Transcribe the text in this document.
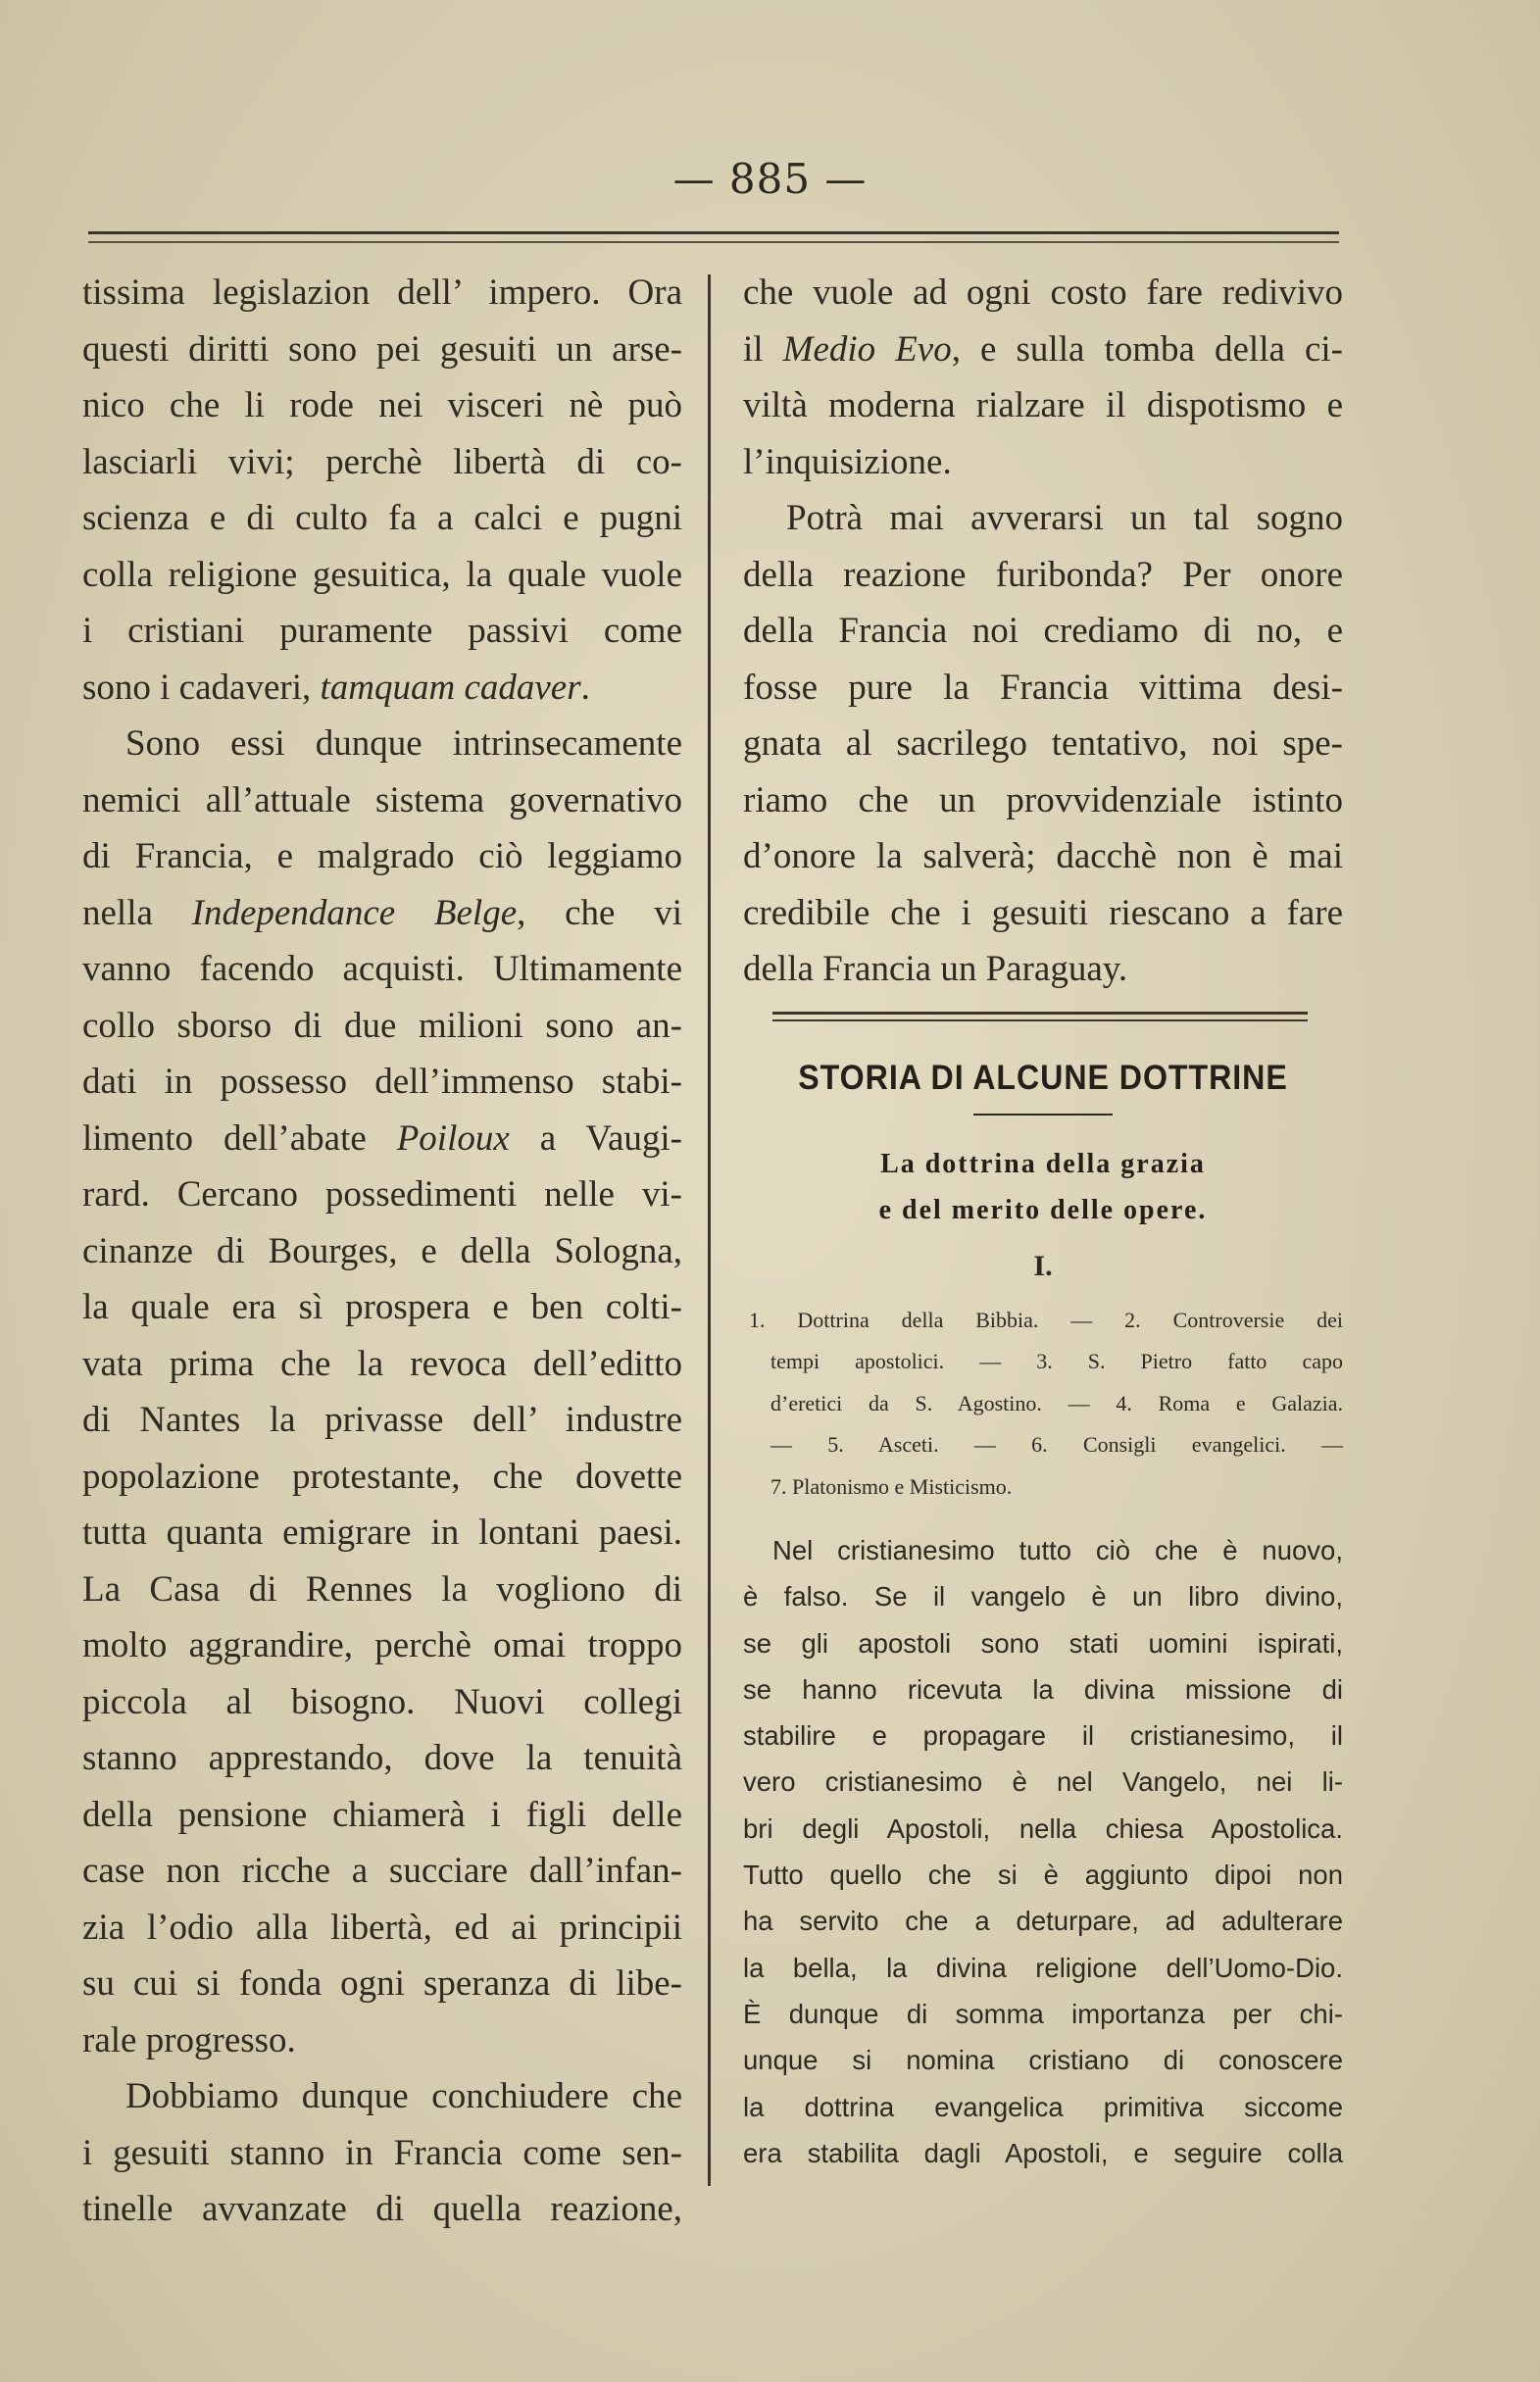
— 885 —
tissima legislazion dell’ impero. Ora
questi diritti sono pei gesuiti un arse-
nico che li rode nei visceri nè può
lasciarli vivi; perchè libertà di co-
scienza e di culto fa a calci e pugni
colla religione gesuitica, la quale vuole
i cristiani puramente passivi come
sono i cadaveri, tamquam cadaver.
Sono essi dunque intrinsecamente
nemici all’attuale sistema governativo
di Francia, e malgrado ciò leggiamo
nella Independance Belge, che vi
vanno facendo acquisti. Ultimamente
collo sborso di due milioni sono an-
dati in possesso dell’immenso stabi-
limento dell’abate Poiloux a Vaugi-
rard. Cercano possedimenti nelle vi-
cinanze di Bourges, e della Sologna,
la quale era sì prospera e ben colti-
vata prima che la revoca dell’editto
di Nantes la privasse dell’ industre
popolazione protestante, che dovette
tutta quanta emigrare in lontani paesi.
La Casa di Rennes la vogliono di
molto aggrandire, perchè omai troppo
piccola al bisogno. Nuovi collegi
stanno apprestando, dove la tenuità
della pensione chiamerà i figli delle
case non ricche a succiare dall’infan-
zia l’odio alla libertà, ed ai principii
su cui si fonda ogni speranza di libe-
rale progresso.
Dobbiamo dunque conchiudere che
i gesuiti stanno in Francia come sen-
tinelle avvanzate di quella reazione,
che vuole ad ogni costo fare redivivo
il Medio Evo, e sulla tomba della ci-
viltà moderna rialzare il dispotismo e
l’inquisizione.
Potrà mai avverarsi un tal sogno
della reazione furibonda? Per onore
della Francia noi crediamo di no, e
fosse pure la Francia vittima desi-
gnata al sacrilego tentativo, noi spe-
riamo che un provvidenziale istinto
d’onore la salverà; dacchè non è mai
credibile che i gesuiti riescano a fare
della Francia un Paraguay.
STORIA DI ALCUNE DOTTRINE
La dottrina della grazia
e del merito delle opere.
I.
1. Dottrina della Bibbia. — 2. Controversie dei
tempi apostolici. — 3. S. Pietro fatto capo
d’eretici da S. Agostino. — 4. Roma e Galazia.
— 5. Asceti. — 6. Consigli evangelici. —
7. Platonismo e Misticismo.
Nel cristianesimo tutto ciò che è nuovo,
è falso. Se il vangelo è un libro divino,
se gli apostoli sono stati uomini ispirati,
se hanno ricevuta la divina missione di
stabilire e propagare il cristianesimo, il
vero cristianesimo è nel Vangelo, nei li-
bri degli Apostoli, nella chiesa Apostolica.
Tutto quello che si è aggiunto dipoi non
ha servito che a deturpare, ad adulterare
la bella, la divina religione dell’Uomo-Dio.
È dunque di somma importanza per chi-
unque si nomina cristiano di conoscere
la dottrina evangelica primitiva siccome
era stabilita dagli Apostoli, e seguire colla
